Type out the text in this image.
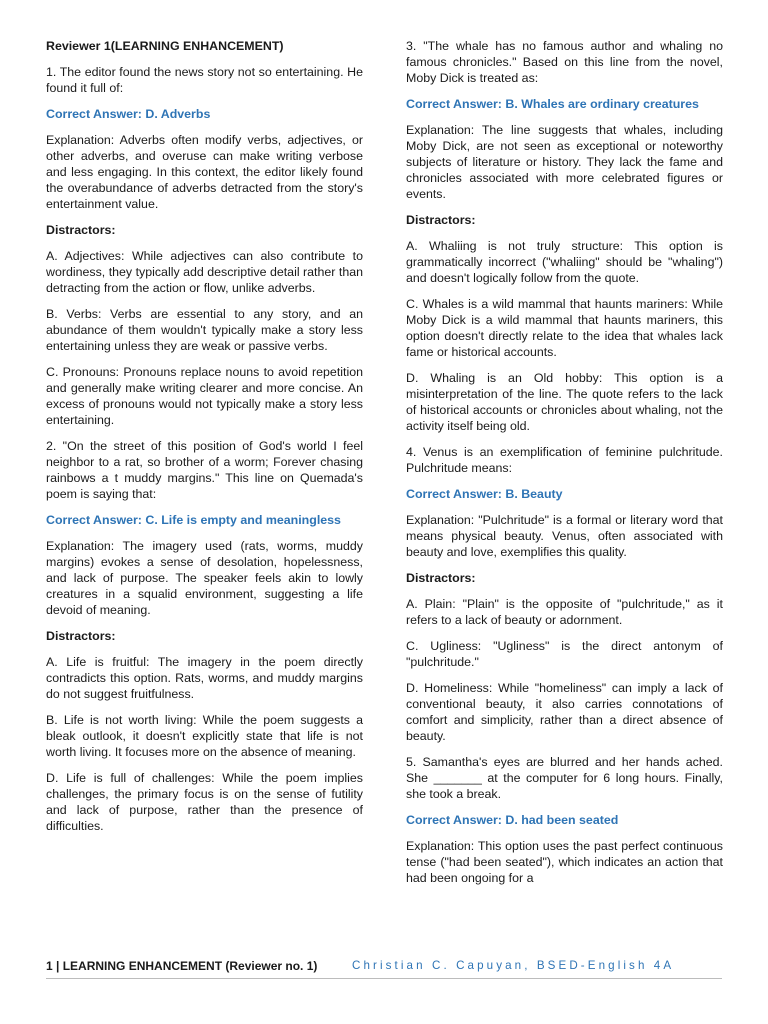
Reviewer 1(LEARNING ENHANCEMENT)

1. The editor found the news story not so entertaining. He found it full of:

Correct Answer: D. Adverbs

Explanation: Adverbs often modify verbs, adjectives, or other adverbs, and overuse can make writing verbose and less engaging. In this context, the editor likely found the overabundance of adverbs detracted from the story's entertainment value.

Distractors:

A. Adjectives: While adjectives can also contribute to wordiness, they typically add descriptive detail rather than detracting from the action or flow, unlike adverbs.

B. Verbs: Verbs are essential to any story, and an abundance of them wouldn't typically make a story less entertaining unless they are weak or passive verbs.

C. Pronouns: Pronouns replace nouns to avoid repetition and generally make writing clearer and more concise. An excess of pronouns would not typically make a story less entertaining.

2. "On the street of this position of God's world I feel neighbor to a rat, so brother of a worm; Forever chasing rainbows a t muddy margins." This line on Quemada's poem is saying that:

Correct Answer: C. Life is empty and meaningless

Explanation: The imagery used (rats, worms, muddy margins) evokes a sense of desolation, hopelessness, and lack of purpose. The speaker feels akin to lowly creatures in a squalid environment, suggesting a life devoid of meaning.

Distractors:

A. Life is fruitful: The imagery in the poem directly contradicts this option. Rats, worms, and muddy margins do not suggest fruitfulness.

B. Life is not worth living: While the poem suggests a bleak outlook, it doesn't explicitly state that life is not worth living. It focuses more on the absence of meaning.

D. Life is full of challenges: While the poem implies challenges, the primary focus is on the sense of futility and lack of purpose, rather than the presence of difficulties.

3. "The whale has no famous author and whaling no famous chronicles." Based on this line from the novel, Moby Dick is treated as:

Correct Answer: B. Whales are ordinary creatures

Explanation: The line suggests that whales, including Moby Dick, are not seen as exceptional or noteworthy subjects of literature or history. They lack the fame and chronicles associated with more celebrated figures or events.

Distractors:

A. Whaliing is not truly structure: This option is grammatically incorrect ("whaliing" should be "whaling") and doesn't logically follow from the quote.

C. Whales is a wild mammal that haunts mariners: While Moby Dick is a wild mammal that haunts mariners, this option doesn't directly relate to the idea that whales lack fame or historical accounts.

D. Whaling is an Old hobby: This option is a misinterpretation of the line. The quote refers to the lack of historical accounts or chronicles about whaling, not the activity itself being old.

4. Venus is an exemplification of feminine pulchritude. Pulchritude means:

Correct Answer: B. Beauty

Explanation: "Pulchritude" is a formal or literary word that means physical beauty. Venus, often associated with beauty and love, exemplifies this quality.

Distractors:

A. Plain: "Plain" is the opposite of "pulchritude," as it refers to a lack of beauty or adornment.

C. Ugliness: "Ugliness" is the direct antonym of "pulchritude."

D. Homeliness: While "homeliness" can imply a lack of conventional beauty, it also carries connotations of comfort and simplicity, rather than a direct absence of beauty.

5. Samantha's eyes are blurred and her hands ached. She _______ at the computer for 6 long hours. Finally, she took a break.

Correct Answer: D. had been seated

Explanation: This option uses the past perfect continuous tense ("had been seated"), which indicates an action that had been ongoing for a

1 | LEARNING ENHANCEMENT (Reviewer no. 1)	Christian C. Capuyan, BSED-English 4A
